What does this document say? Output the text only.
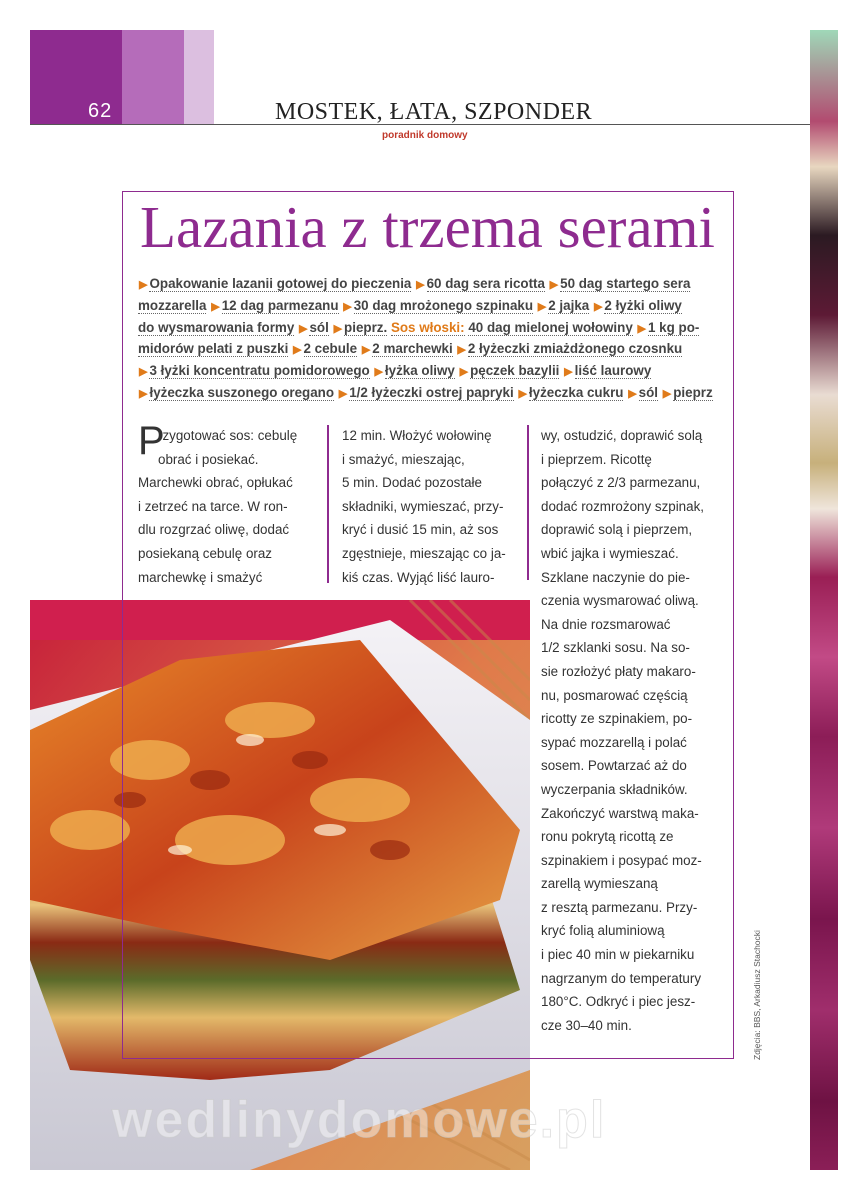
62	MOSTEK, ŁATA, SZPONDER
poradnik domowy
Lazania z trzema serami
▶ Opakowanie lazanii gotowej do pieczenia ▶ 60 dag sera ricotta ▶ 50 dag startego sera
mozzarella ▶ 12 dag parmezanu ▶ 30 dag mrożonego szpinaku ▶ 2 jajka ▶ 2 łyżki oliwy
do wysmarowania formy ▶ sól ▶ pieprz. Sos włoski: 40 dag mielonej wołowiny ▶ 1 kg po-
midorów pelati z puszki ▶ 2 cebule ▶ 2 marchewki ▶ 2 łyżeczki zmiażdżonego czosnku
▶ 3 łyżki koncentratu pomidorowego ▶ łyżka oliwy ▶ pęczek bazylii ▶ liść laurowy
▶ łyżeczka suszonego oregano ▶ 1/2 łyżeczki ostrej papryki ▶ łyżeczka cukru ▶ sól ▶ pieprz
P
rzygotować sos: cebulę
obrać i posiekać.
Marchewki obrać, opłukać
i zetrzeć na tarce. W ron-
dlu rozgrzać oliwę, dodać
posiekaną cebulę oraz
marchewkę i smażyć
12 min. Włożyć wołowinę
i smażyć, mieszając,
5 min. Dodać pozostałe
składniki, wymieszać, przy-
kryć i dusić 15 min, aż sos
zgęstnieje, mieszając co ja-
kiś czas. Wyjąć liść lauro-
wy, ostudzić, doprawić solą
i pieprzem. Ricottę
połączyć z 2/3 parmezanu,
dodać rozmrożony szpinak,
doprawić solą i pieprzem,
wbić jajka i wymieszać.
Szklane naczynie do pie-
czenia wysmarować oliwą.
Na dnie rozsmarować
1/2 szklanki sosu. Na so-
sie rozłożyć płaty makaro-
nu, posmarować częścią
ricotty ze szpinakiem, po-
sypać mozzarellą i polać
sosem. Powtarzać aż do
wyczerpania składników.
Zakończyć warstwą maka-
ronu pokrytą ricottą ze
szpinakiem i posypać moz-
zarellą wymieszaną
z resztą parmezanu. Przy-
kryć folią aluminiową
i piec 40 min w piekarniku
nagrzanym do temperatury
180°C. Odkryć i piec jesz-
cze 30–40 min.	Zdjęcia: BBS, Arkadiusz Stachocki
wedlinydomowe.pl
